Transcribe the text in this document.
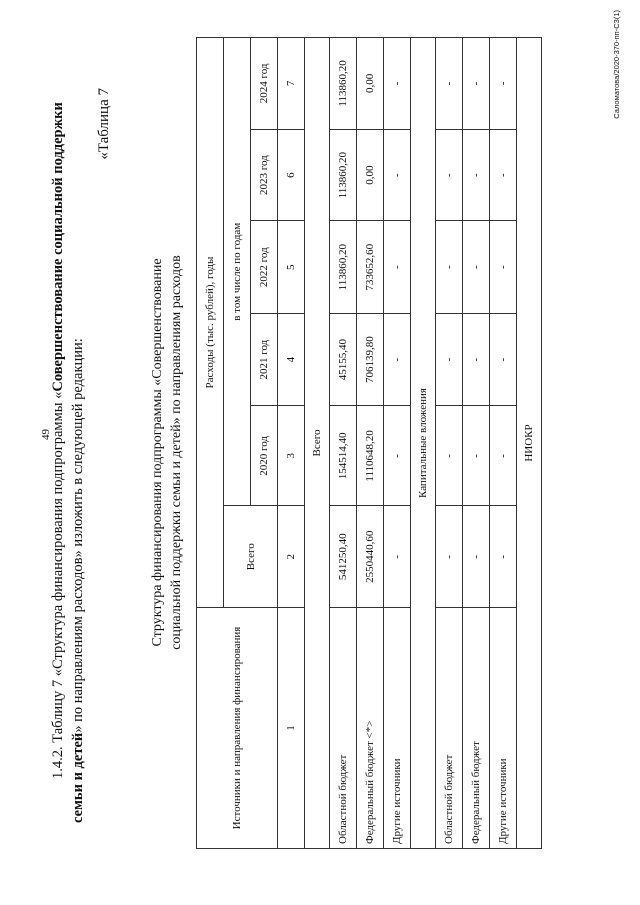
49

1.4.2. Таблицу 7 «Структура финансирования подпрограммы «Совершенствование социальной поддержки семьи и детей» по направлениям расходов» изложить в следующей редакции:

«Таблица 7
Структура финансирования подпрограммы «Совершенствование социальной поддержки семьи и детей» по направлениям расходов
Источники и направления финансирования	Расходы (тыс. рублей), годы					
	Всего	в том числе по годам				
		2020 год	2021 год	2022 год	2023 год	2024 год
1	2	3	4	5	6	7
Всего						
Областной бюджет	541250,40	154514,40	45155,40	113860,20	113860,20	113860,20
Федеральный бюджет <*>	2550440,60	1110648,20	706139,80	733652,60	0,00	0,00
Другие источники	-	-	-	-	-	-
Капитальные вложения						
Областной бюджет	-	-	-	-	-	-
Федеральный бюджет	-	-	-	-	-	-
Другие источники	-	-	-	-	-	-
НИОКР						
Саломатова/2020-370-пп-С3(1)
